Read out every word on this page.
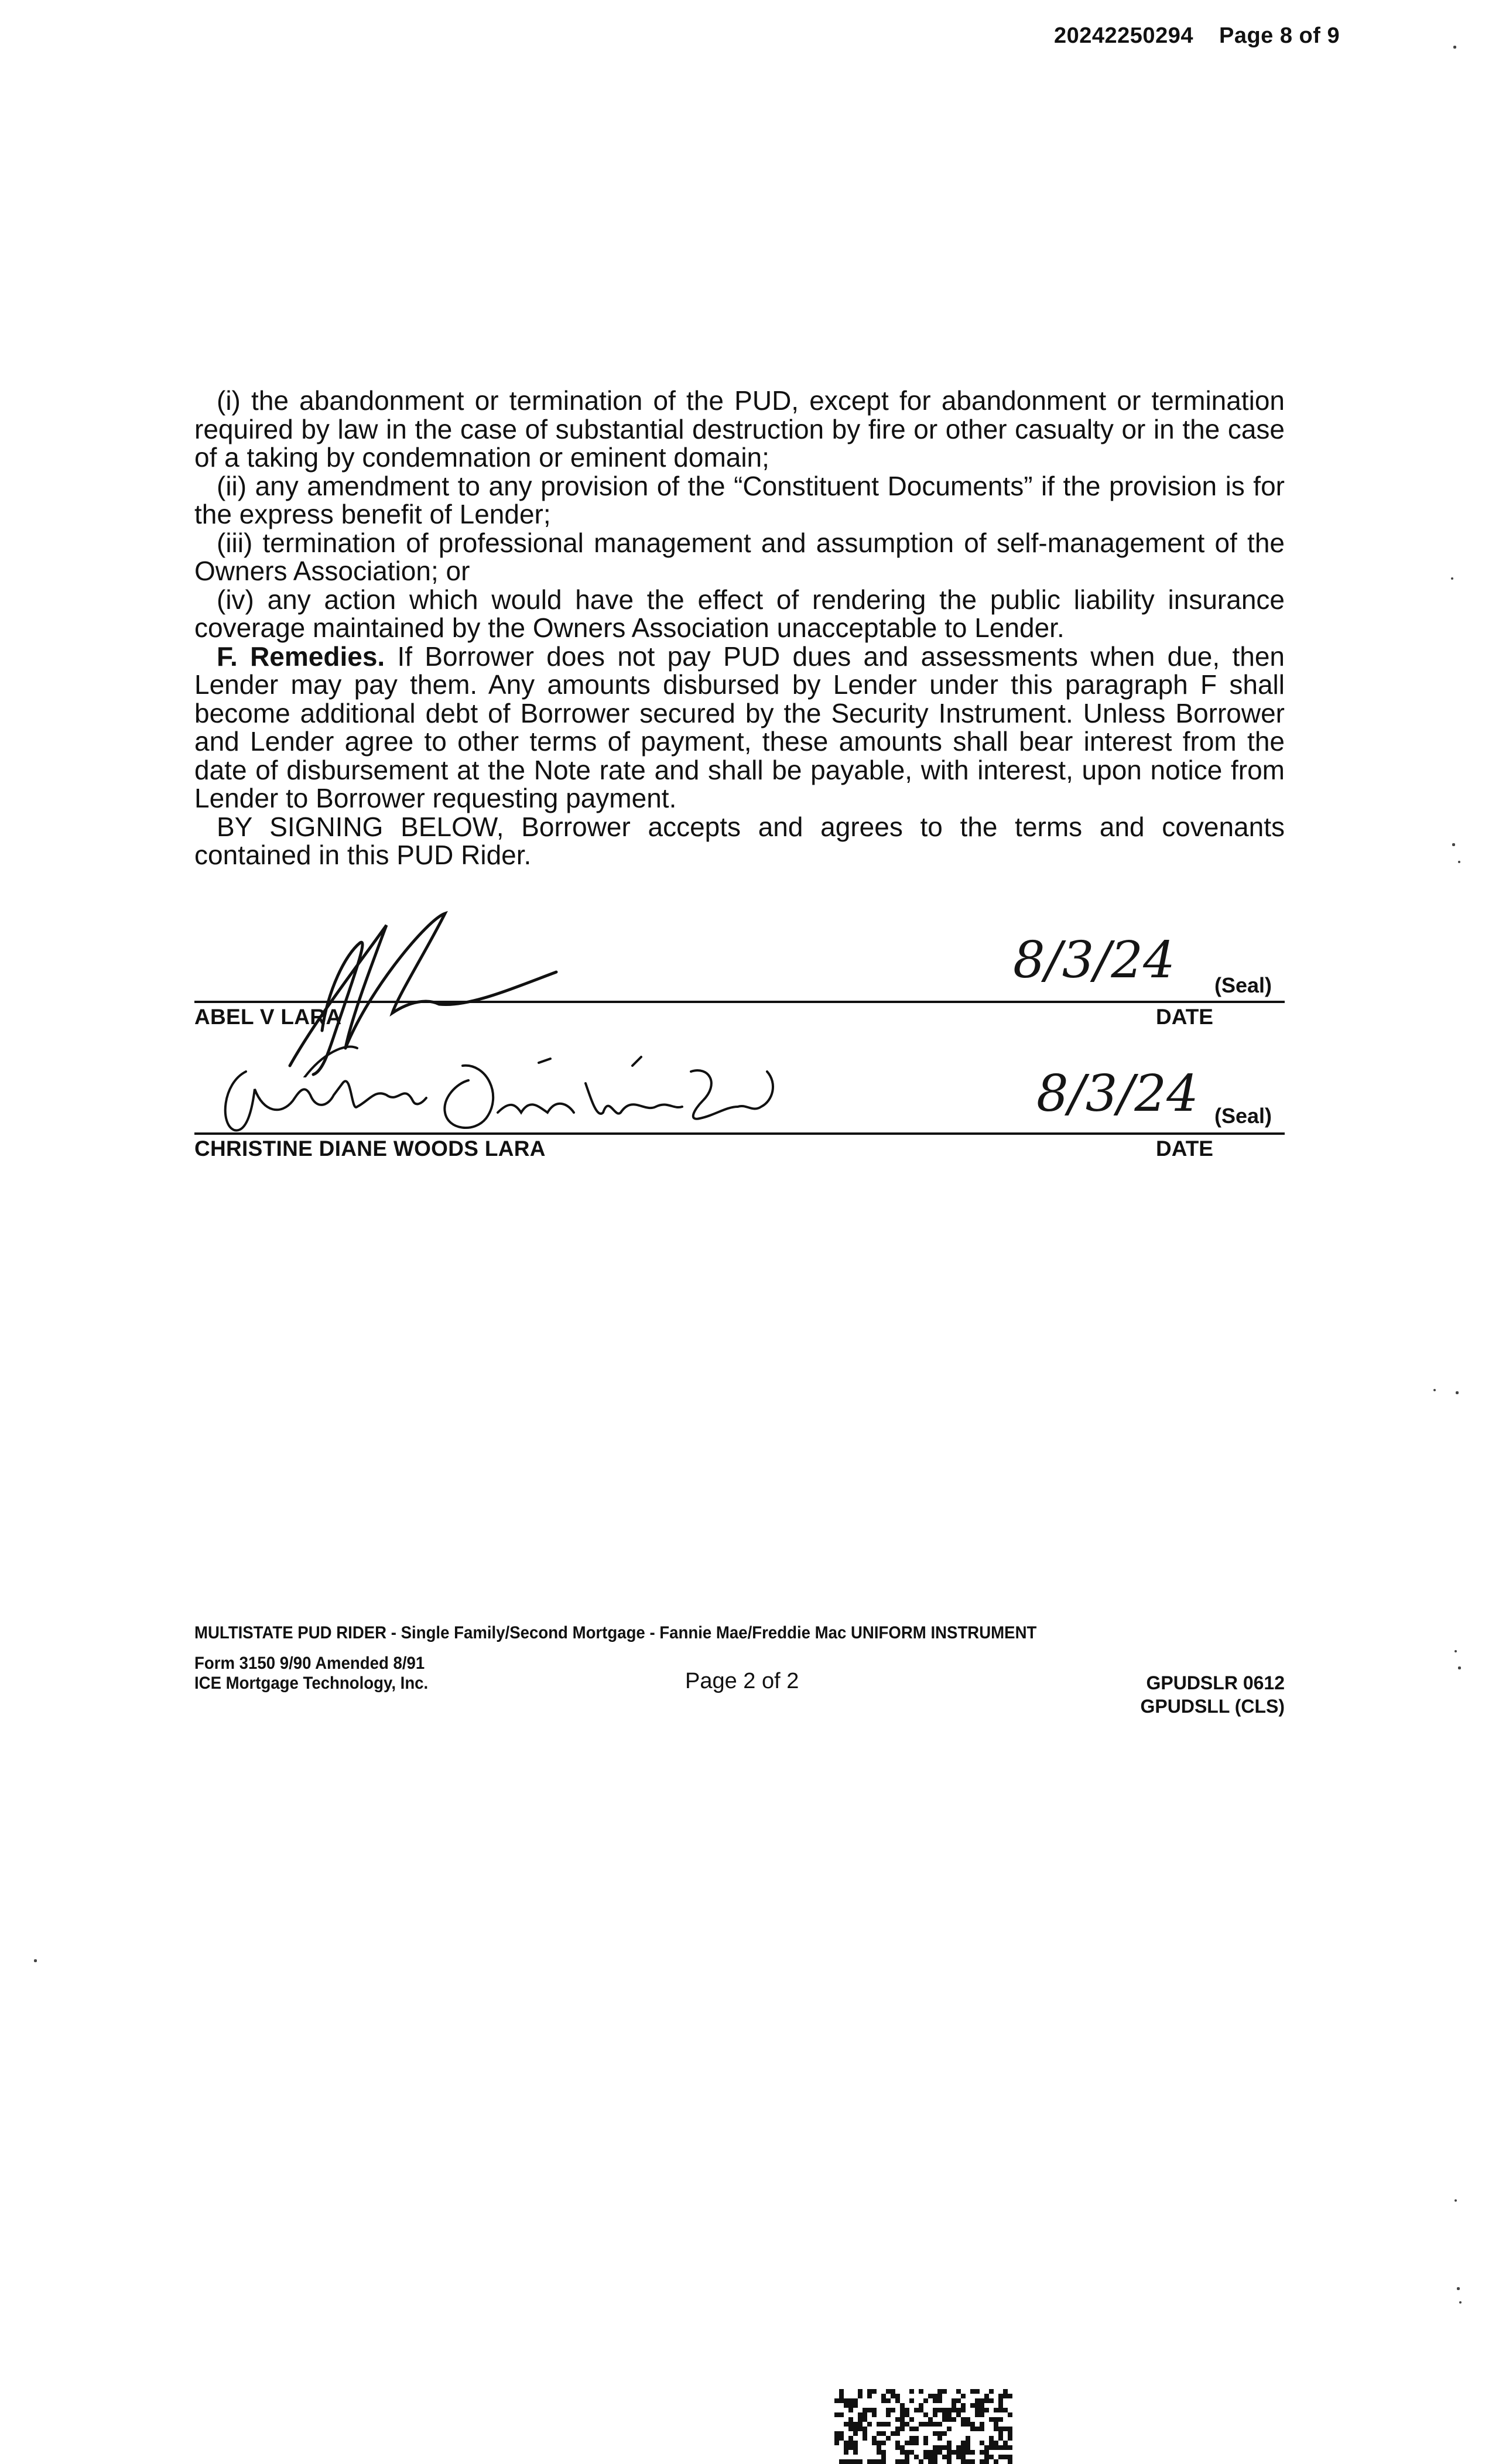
20242250294 Page 8 of 9

(i) the abandonment or termination of the PUD, except for abandonment or termination required by law in the case of substantial destruction by fire or other casualty or in the case of a taking by condemnation or eminent domain;

(ii) any amendment to any provision of the “Constituent Documents” if the provision is for the express benefit of Lender;

(iii) termination of professional management and assumption of self-management of the Owners Association; or

(iv) any action which would have the effect of rendering the public liability insurance coverage maintained by the Owners Association unacceptable to Lender.

F. Remedies. If Borrower does not pay PUD dues and assessments when due, then Lender may pay them. Any amounts disbursed by Lender under this paragraph F shall become additional debt of Borrower secured by the Security Instrument. Unless Borrower and Lender agree to other terms of payment, these amounts shall bear interest from the date of disbursement at the Note rate and shall be payable, with interest, upon notice from Lender to Borrower requesting payment.

BY SIGNING BELOW, Borrower accepts and agrees to the terms and covenants contained in this PUD Rider.

ABEL V LARA
8/3/24 (Seal)
DATE
CHRISTINE DIANE WOODS LARA
8/3/24 (Seal)
DATE
MULTISTATE PUD RIDER - Single Family/Second Mortgage - Fannie Mae/Freddie Mac UNIFORM INSTRUMENT
Form 3150 9/90 Amended 8/91
ICE Mortgage Technology, Inc.	Page 2 of 2	GPUDSLR 0612
GPUDSLL (CLS)
